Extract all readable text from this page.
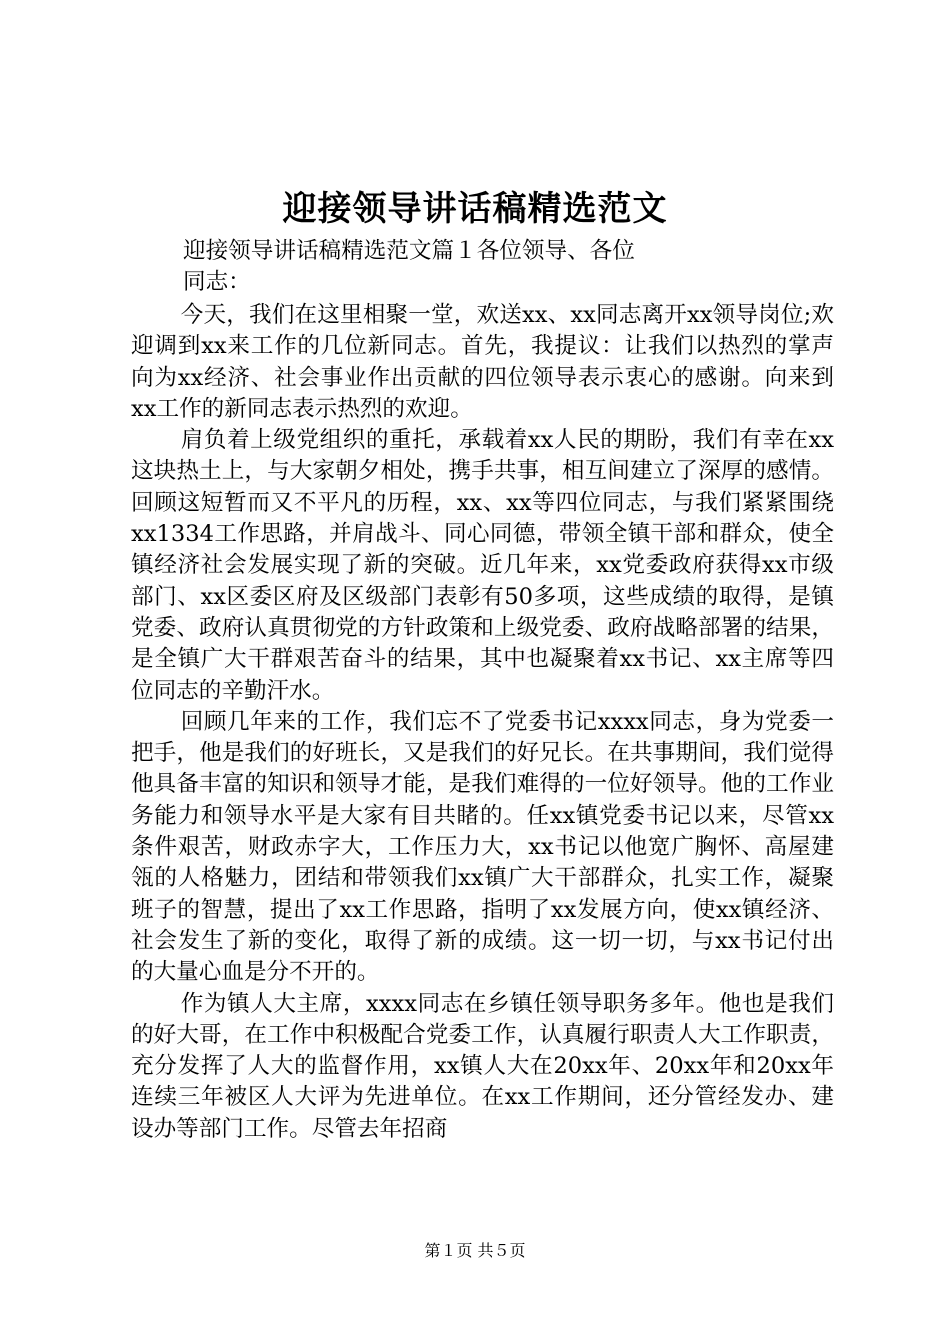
迎接领导讲话稿精选范文
迎接领导讲话稿精选范文篇１各位领导、各位
同志：

今天，我们在这里相聚一堂，欢送xx、xx同志离开xx领导岗位;欢迎调到xx来工作的几位新同志。首先，我提议：让我们以热烈的掌声向为xx经济、社会事业作出贡献的四位领导表示衷心的感谢。向来到xx工作的新同志表示热烈的欢迎。

肩负着上级党组织的重托，承载着xx人民的期盼，我们有幸在xx这块热土上，与大家朝夕相处，携手共事，相互间建立了深厚的感情。回顾这短暂而又不平凡的历程，xx、xx等四位同志，与我们紧紧围绕xx1334工作思路，并肩战斗、同心同德，带领全镇干部和群众，使全镇经济社会发展实现了新的突破。近几年来，xx党委政府获得xx市级部门、xx区委区府及区级部门表彰有50多项，这些成绩的取得，是镇党委、政府认真贯彻党的方针政策和上级党委、政府战略部署的结果，是全镇广大干群艰苦奋斗的结果，其中也凝聚着xx书记、xx主席等四位同志的辛勤汗水。

回顾几年来的工作，我们忘不了党委书记xxxx同志，身为党委一把手，他是我们的好班长，又是我们的好兄长。在共事期间，我们觉得他具备丰富的知识和领导才能，是我们难得的一位好领导。他的工作业务能力和领导水平是大家有目共睹的。任xx镇党委书记以来，尽管xx条件艰苦，财政赤字大，工作压力大，xx书记以他宽广胸怀、高屋建瓴的人格魅力，团结和带领我们xx镇广大干部群众，扎实工作，凝聚班子的智慧，提出了xx工作思路，指明了xx发展方向，使xx镇经济、社会发生了新的变化，取得了新的成绩。这一切一切，与xx书记付出的大量心血是分不开的。

作为镇人大主席，xxxx同志在乡镇任领导职务多年。他也是我们的好大哥，在工作中积极配合党委工作，认真履行职责人大工作职责，充分发挥了人大的监督作用，xx镇人大在20xx年、20xx年和20xx年连续三年被区人大评为先进单位。在xx工作期间，还分管经发办、建设办等部门工作。尽管去年招商

第１页 共５页
